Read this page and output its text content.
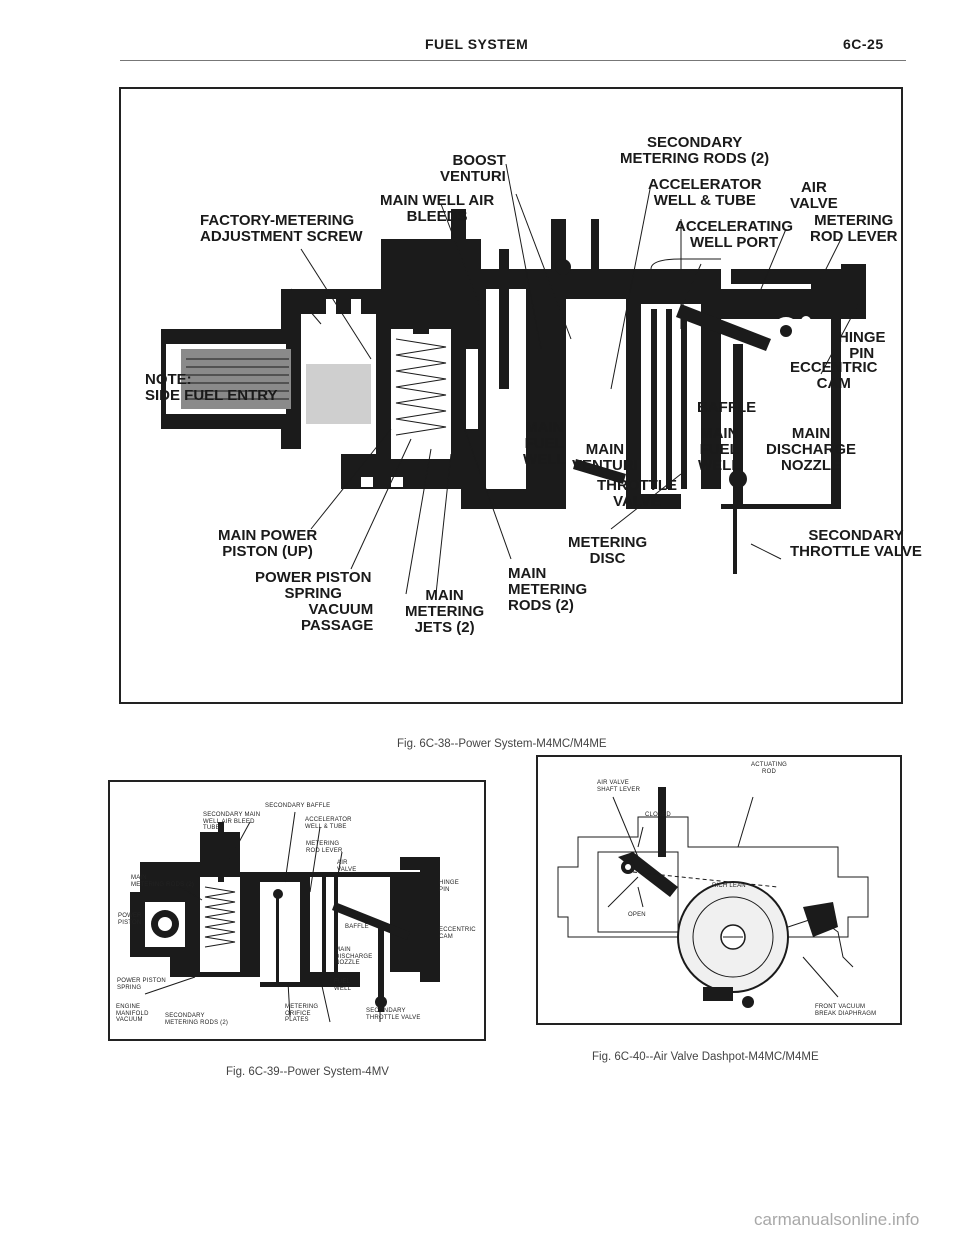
FUEL SYSTEM	6C-25
SECONDARY
METERING RODS (2)
BOOST
VENTURI
MAIN WELL AIR
BLEEDS
ACCELERATOR
WELL & TUBE
AIR
VALVE
FACTORY-METERING
ADJUSTMENT SCREW
ACCELERATING
WELL PORT
METERING
ROD LEVER
NOTE:
SIDE FUEL ENTRY
HINGE
PIN
ECCENTRIC
CAM
BAFFLE
MAIN
FUEL
WELL
MAIN
VENTURI
MAIN
FUEL
WELL
MAIN
DISCHARGE
NOZZLE
THROTTLE
VALVE
MAIN POWER
PISTON (UP)
METERING
DISC
SECONDARY
THROTTLE VALVE
POWER PISTON
SPRING
MAIN
METERING
RODS (2)
VACUUM
PASSAGE
MAIN
METERING
JETS (2)
Fig. 6C-38--Power System-M4MC/M4ME
SECONDARY BAFFLE
SECONDARY MAIN
WELL AIR BLEED
TUBE
ACCELERATOR
WELL & TUBE
METERING
ROD LEVER
AIR
VALVE
MAIN
METERING RODS (2)	HINGE
PIN
POWER
PISTON
BAFFLE	ECCENTRIC
CAM
MAIN
DISCHARGE
NOZZLE
POWER PISTON
SPRING
FUEL
WELL
ENGINE
MANIFOLD
VACUUM
SECONDARY
METERING RODS (2)
METERING
ORIFICE
PLATES
SECONDARY
THROTTLE VALVE
Fig. 6C-39--Power System-4MV
ACTUATING
ROD
AIR VALVE
SHAFT LEVER
CLOSED
RICH LEAN
OPEN
FRONT VACUUM
BREAK DIAPHRAGM
Fig. 6C-40--Air Valve Dashpot-M4MC/M4ME
carmanualsonline.info
